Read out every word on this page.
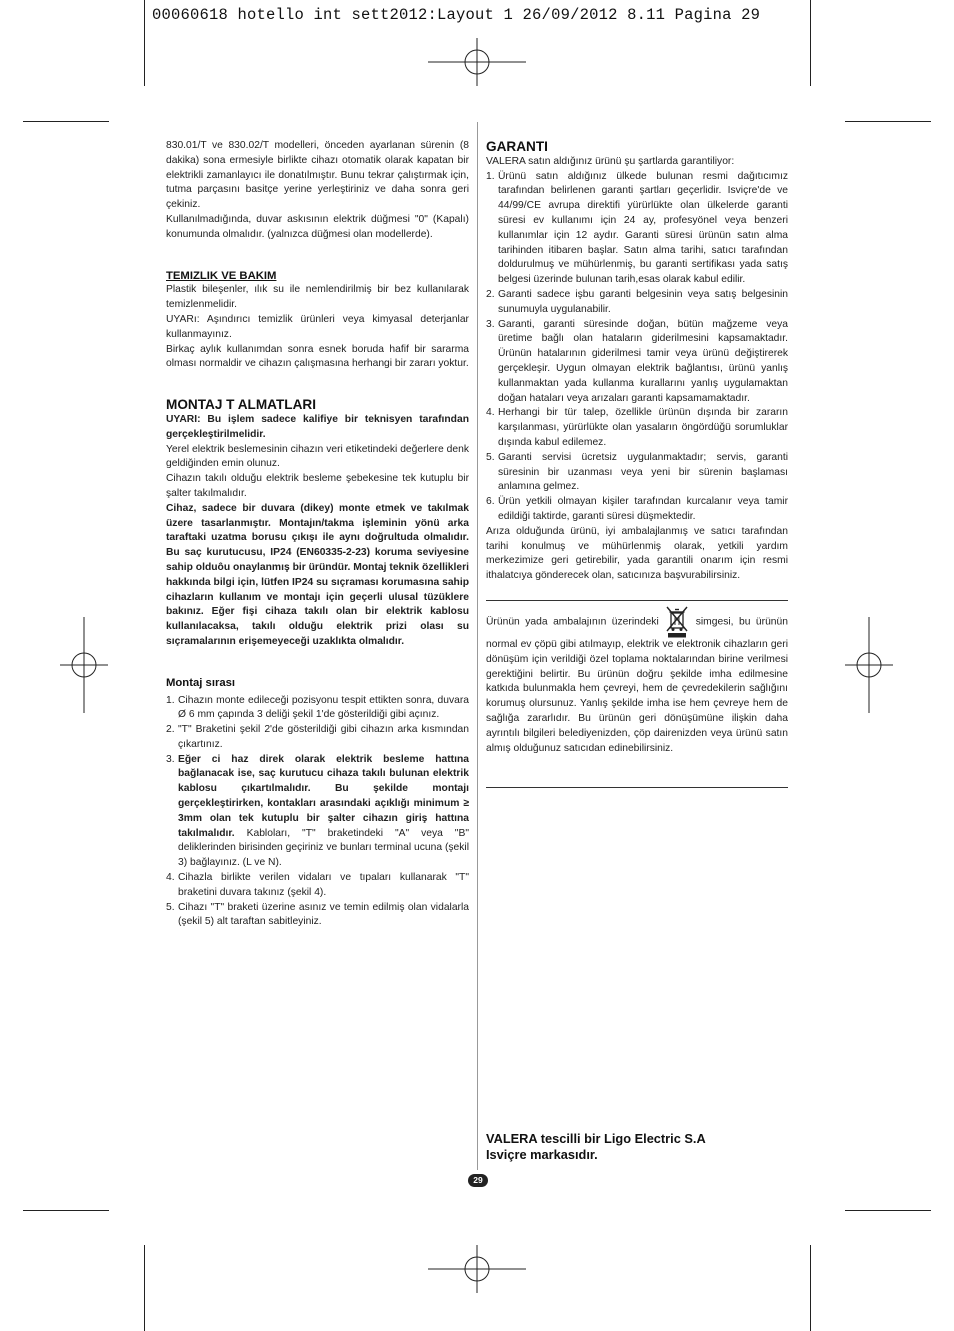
00060618 hotello int sett2012:Layout 1 26/09/2012 8.11 Pagina 29

830.01/T ve 830.02/T modelleri, önceden ayarlanan sürenin (8 dakika) sona ermesiyle birlikte cihazı otomatik olarak kapatan bir elektrikli zamanlayıcı ile donatılmıştır. Bunu tekrar çalıştırmak için, tutma parçasını basitçe yerine yerleştiriniz ve daha sonra geri çekiniz.

Kullanılmadığında, duvar askısının elektrik düğmesi "0" (Kapalı) konumunda olmalıdır. (yalnızca düğmesi olan modellerde).

TEMIZLIK VE BAKIM

Plastik bileşenler, ılık su ile nemlendirilmiş bir bez kullanılarak temizlenmelidir.

UYARı: Aşındırıcı temizlik ürünleri veya kimyasal deterjanlar kullanmayınız.

Birkaç aylık kullanımdan sonra esnek boruda hafif bir sararma olması normaldir ve cihazın çalışmasına herhangi bir zararı yoktur.

MONTAJ T ALMATLARI

UYARI: Bu işlem sadece kalifiye bir teknisyen tarafından gerçekleştirilmelidir.

Yerel elektrik beslemesinin cihazın veri etiketindeki değerlere denk geldiğinden emin olunuz.

Cihazın takılı olduğu elektrik besleme şebekesine tek kutuplu bir şalter takılmalıdır.

Cihaz, sadece bir duvara (dikey) monte etmek ve takılmak üzere tasarlanmıştır. Montajın/takma işleminin yönü arka taraftaki uzatma borusu çıkışı ile aynı doğrultuda olmalıdır. Bu saç kurutucusu, IP24 (EN60335-2-23) koruma seviyesine sahip olduôu onaylanmış bir üründür. Montaj teknik özellikleri hakkında bilgi için, lütfen IP24 su sıçraması korumasına sahip cihazların kullanım ve montajı için geçerli ulusal tüzüklere bakınız. Eğer fişi cihaza takılı olan bir elektrik kablosu kullanılacaksa, takılı olduğu elektrik prizi olası su sıçramalarının erişemeyeceği uzaklıkta olmalıdır.

Montaj sırası

1. Cihazın monte edileceği pozisyonu tespit ettikten sonra, duvara Ø 6 mm çapında 3 deliği şekil 1'de gösterildiği gibi açınız.
2. "T" Braketini şekil 2'de gösterildiği gibi cihazın arka kısmından çıkartınız.
3. Eğer ci haz direk olarak elektrik besleme hattına bağlanacak ise, saç kurutucu cihaza takılı bulunan elektrik kablosu çıkartılmalıdır. Bu şekilde montajı gerçekleştirirken, kontakları arasındaki açıklığı minimum ≥ 3mm olan tek kutuplu bir şalter cihazın giriş hattına takılmalıdır. Kabloları, "T" braketindeki "A" veya "B" deliklerinden birisinden geçiriniz ve bunları terminal ucuna (şekil 3) bağlayınız. (L ve N).
4. Cihazla birlikte verilen vidaları ve tıpaları kullanarak "T" braketini duvara takınız (şekil 4).
5. Cihazı "T" braketi üzerine asınız ve temin edilmiş olan vidalarla (şekil 5) alt taraftan sabitleyiniz.

GARANTI

VALERA satın aldığınız ürünü şu şartlarda garantiliyor:

1. Ürünü satın aldığınız ülkede bulunan resmi dağıtıcımız tarafından belirlenen garanti şartları geçerlidir. Isviçre'de ve 44/99/CE avrupa direktifi yürürlükte olan ülkelerde garanti süresi ev kullanımı için 24 ay, profesyönel veya benzeri kullanımlar için 12 aydır. Garanti süresi ürünün satın alma tarihinden itibaren başlar. Satın alma tarihi, satıcı tarafından doldurulmuş ve mühürlenmiş, bu garanti sertifikası yada satış belgesi üzerinde bulunan tarih,esas olarak kabul edilir.
2. Garanti sadece işbu garanti belgesinin veya satış belgesinin sunumuyla uygulanabilir.
3. Garanti, garanti süresinde doğan, bütün mağzeme veya üretime bağlı olan hataların giderilmesini kapsamaktadır. Ürünün hatalarının giderilmesi tamir veya ürünü değiştirerek gerçekleşir. Uygun olmayan elektrik bağlantısı, ürünü yanlış kullanmaktan yada kullanma kurallarını yanlış uygulamaktan doğan hataları veya arızaları garanti kapsamamaktadır.
4. Herhangi bir tür talep, özellikle ürünün dışında bir zararın karşılanması, yürürlükte olan yasaların öngördüğü sorumluklar dışında kabul edilemez.
5. Garanti servisi ücretsiz uygulanmaktadır; servis, garanti süresinin bir uzanması veya yeni bir sürenin başlaması anlamına gelmez.
6. Ürün yetkili olmayan kişiler tarafından kurcalanır veya tamir edildiği taktirde, garanti süresi düşmektedir.

Arıza olduğunda ürünü, iyi ambalajlanmış ve satıcı tarafından tarihi konulmuş ve mühürlenmiş olarak, yetkili yardım merkezimize geri getirebilir, yada garantili onarım için resmi ithalatcıya gönderecek olan, satıcınıza başvurabilirsiniz.

Ürünün yada ambalajının üzerindeki	simgesi, bu ürünün normal ev çöpü gibi atılmayıp, elektrik ve elektronik cihazların geri dönüşüm için verildiği özel toplama noktalarından birine verilmesi gerektiğini belirtir. Bu ürünün doğru şekilde imha edilmesine katkıda bulunmakla hem çevreyi, hem de çevredekilerin sağlığını korumuş olursunuz. Yanlış şekilde imha ise hem çevreye hem de sağlığa zararlıdır. Bu ürünün geri dönüşümüne ilişkin daha ayrıntılı bilgileri belediyenizden, çöp dairenizden veya ürünü satın almış olduğunuz satıcıdan edinebilirsiniz.

VALERA tescilli bir Ligo Electric S.A
Isviçre markasıdır.
29
